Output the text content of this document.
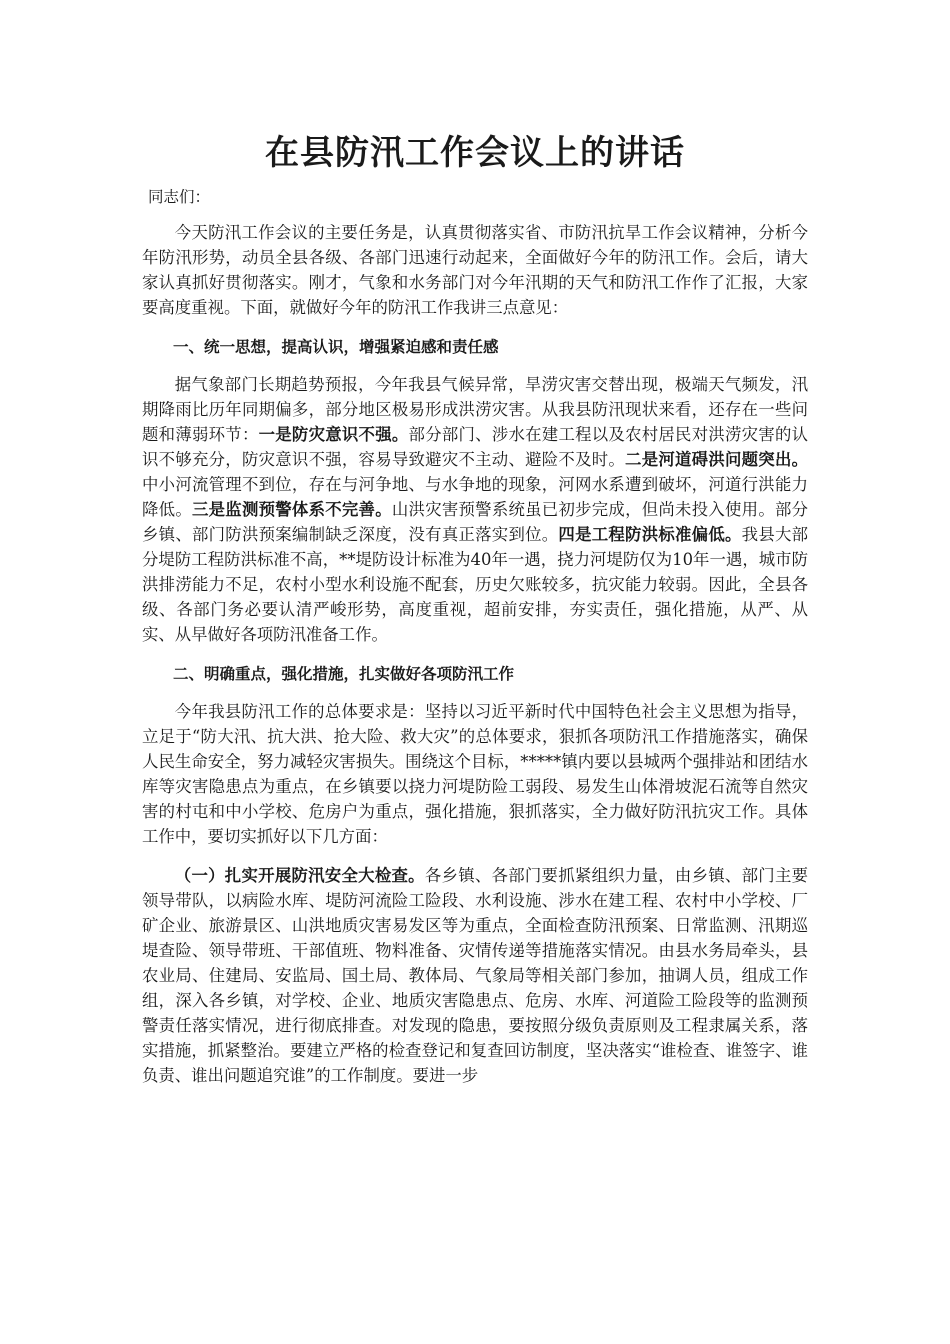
在县防汛工作会议上的讲话
同志们：

今天防汛工作会议的主要任务是，认真贯彻落实省、市防汛抗旱工作会议精神，分析今年防汛形势，动员全县各级、各部门迅速行动起来，全面做好今年的防汛工作。会后，请大家认真抓好贯彻落实。刚才，气象和水务部门对今年汛期的天气和防汛工作作了汇报，大家要高度重视。下面，就做好今年的防汛工作我讲三点意见：

一、统一思想，提高认识，增强紧迫感和责任感

据气象部门长期趋势预报，今年我县气候异常，旱涝灾害交替出现，极端天气频发，汛期降雨比历年同期偏多，部分地区极易形成洪涝灾害。从我县防汛现状来看，还存在一些问题和薄弱环节：一是防灾意识不强。部分部门、涉水在建工程以及农村居民对洪涝灾害的认识不够充分，防灾意识不强，容易导致避灾不主动、避险不及时。二是河道碍洪问题突出。中小河流管理不到位，存在与河争地、与水争地的现象，河网水系遭到破坏，河道行洪能力降低。三是监测预警体系不完善。山洪灾害预警系统虽已初步完成，但尚未投入使用。部分乡镇、部门防洪预案编制缺乏深度，没有真正落实到位。四是工程防洪标准偏低。我县大部分堤防工程防洪标准不高，**堤防设计标准为40年一遇，挠力河堤防仅为10年一遇，城市防洪排涝能力不足，农村小型水利设施不配套，历史欠账较多，抗灾能力较弱。因此，全县各级、各部门务必要认清严峻形势，高度重视，超前安排，夯实责任，强化措施，从严、从实、从早做好各项防汛准备工作。

二、明确重点，强化措施，扎实做好各项防汛工作

今年我县防汛工作的总体要求是：坚持以习近平新时代中国特色社会主义思想为指导，立足于“防大汛、抗大洪、抢大险、救大灾”的总体要求，狠抓各项防汛工作措施落实，确保人民生命安全，努力减轻灾害损失。围绕这个目标，*****镇内要以县城两个强排站和团结水库等灾害隐患点为重点，在乡镇要以挠力河堤防险工弱段、易发生山体滑坡泥石流等自然灾害的村屯和中小学校、危房户为重点，强化措施，狠抓落实，全力做好防汛抗灾工作。具体工作中，要切实抓好以下几方面：

（一）扎实开展防汛安全大检查。各乡镇、各部门要抓紧组织力量，由乡镇、部门主要领导带队，以病险水库、堤防河流险工险段、水利设施、涉水在建工程、农村中小学校、厂矿企业、旅游景区、山洪地质灾害易发区等为重点，全面检查防汛预案、日常监测、汛期巡堤查险、领导带班、干部值班、物料准备、灾情传递等措施落实情况。由县水务局牵头，县农业局、住建局、安监局、国土局、教体局、气象局等相关部门参加，抽调人员，组成工作组，深入各乡镇，对学校、企业、地质灾害隐患点、危房、水库、河道险工险段等的监测预警责任落实情况，进行彻底排查。对发现的隐患，要按照分级负责原则及工程隶属关系，落实措施，抓紧整治。要建立严格的检查登记和复查回访制度，坚决落实“谁检查、谁签字、谁负责、谁出问题追究谁”的工作制度。要进一步
